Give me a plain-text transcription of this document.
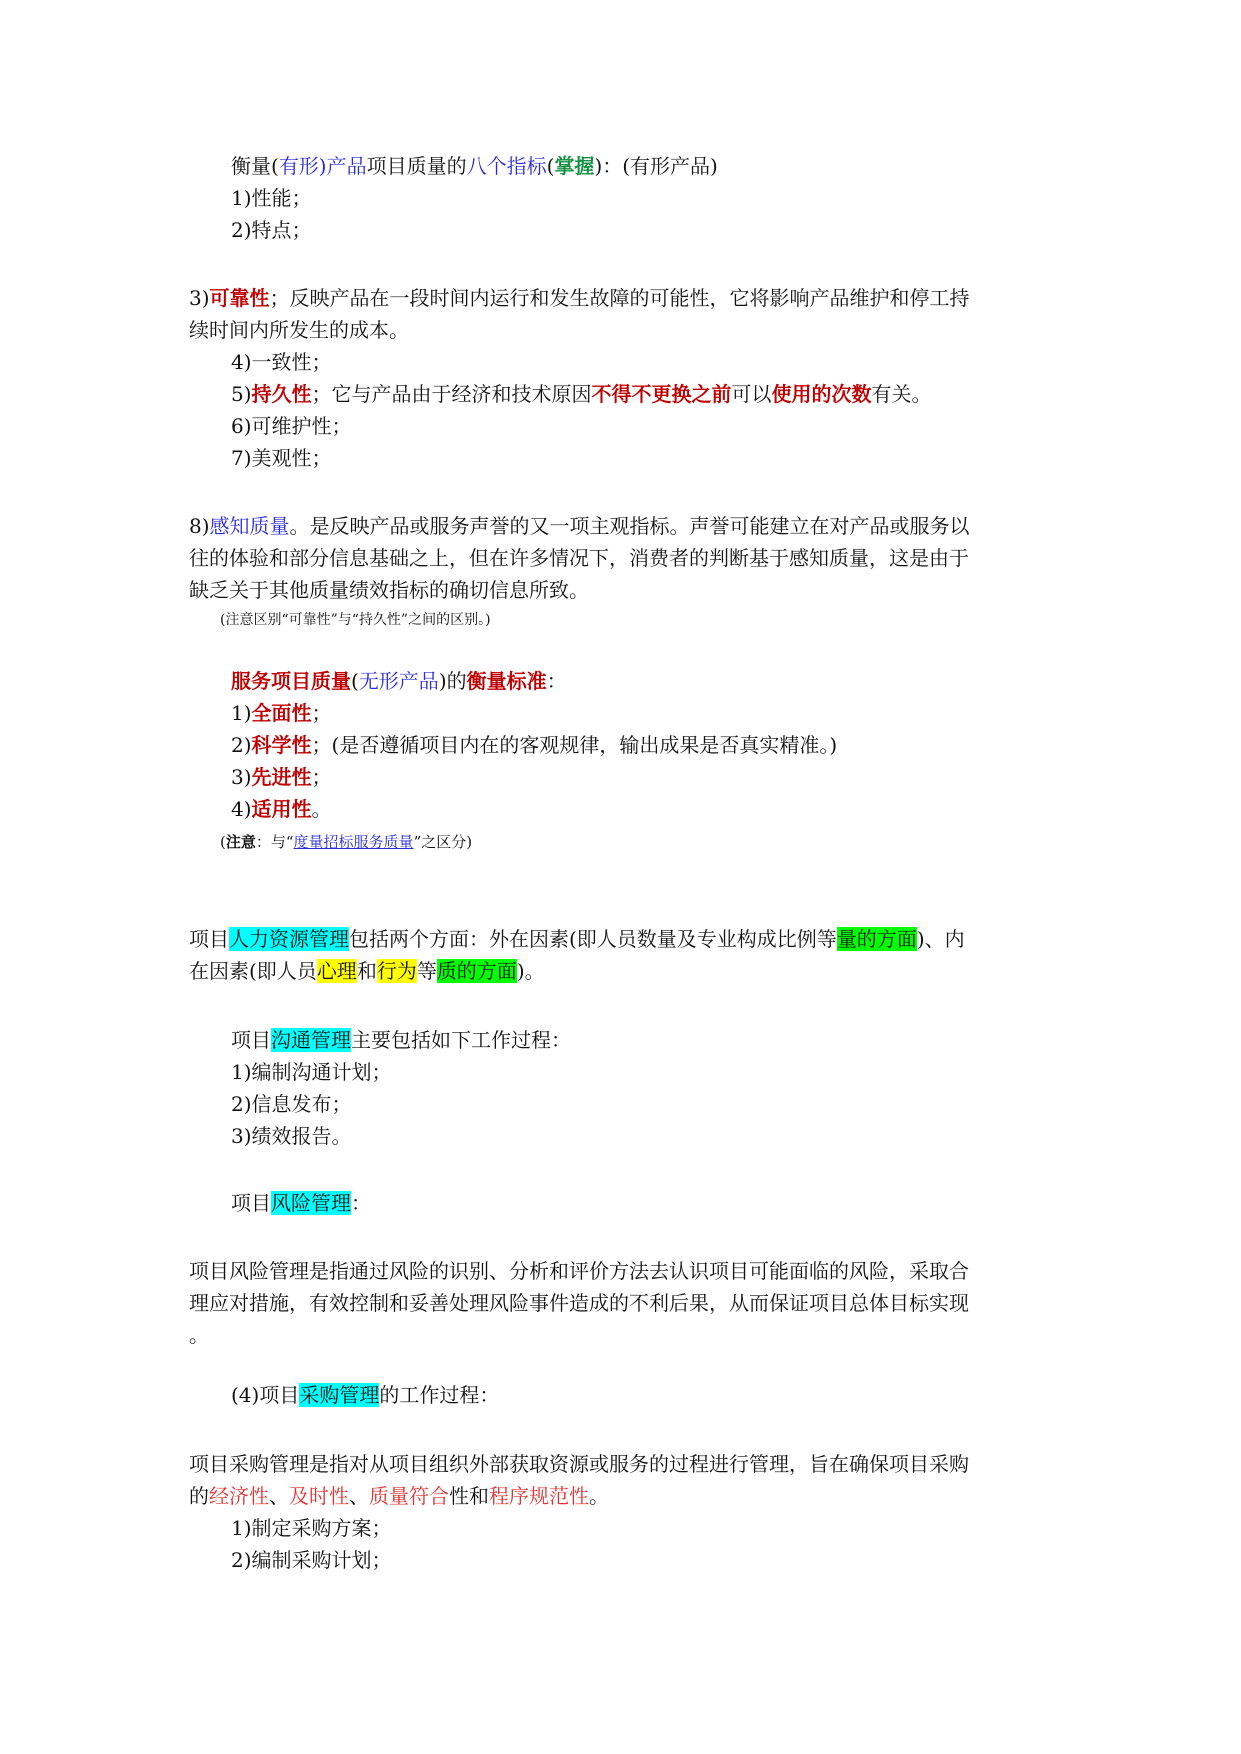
衡量(有形)产品项目质量的八个指标(掌握)：(有形产品)
1)性能；
2)特点；
3)可靠性；反映产品在一段时间内运行和发生故障的可能性，它将影响产品维护和停工持
续时间内所发生的成本。
4)一致性；
5)持久性；它与产品由于经济和技术原因不得不更换之前可以使用的次数有关。
6)可维护性；
7)美观性；
8)感知质量。是反映产品或服务声誉的又一项主观指标。声誉可能建立在对产品或服务以
往的体验和部分信息基础之上，但在许多情况下，消费者的判断基于感知质量，这是由于
缺乏关于其他质量绩效指标的确切信息所致。
(注意区别“可靠性”与“持久性”之间的区别。)
服务项目质量(无形产品)的衡量标准：
1)全面性；
2)科学性；(是否遵循项目内在的客观规律，输出成果是否真实精准。)
3)先进性；
4)适用性。
(注意：与“度量招标服务质量”之区分)
项目人力资源管理包括两个方面：外在因素(即人员数量及专业构成比例等量的方面)、内
在因素(即人员心理和行为等质的方面)。
项目沟通管理主要包括如下工作过程：
1)编制沟通计划；
2)信息发布；
3)绩效报告。
项目风险管理：
项目风险管理是指通过风险的识别、分析和评价方法去认识项目可能面临的风险，采取合
理应对措施，有效控制和妥善处理风险事件造成的不利后果，从而保证项目总体目标实现
。
(4)项目采购管理的工作过程：
项目采购管理是指对从项目组织外部获取资源或服务的过程进行管理，旨在确保项目采购
的经济性、及时性、质量符合性和程序规范性。
1)制定采购方案；
2)编制采购计划；
